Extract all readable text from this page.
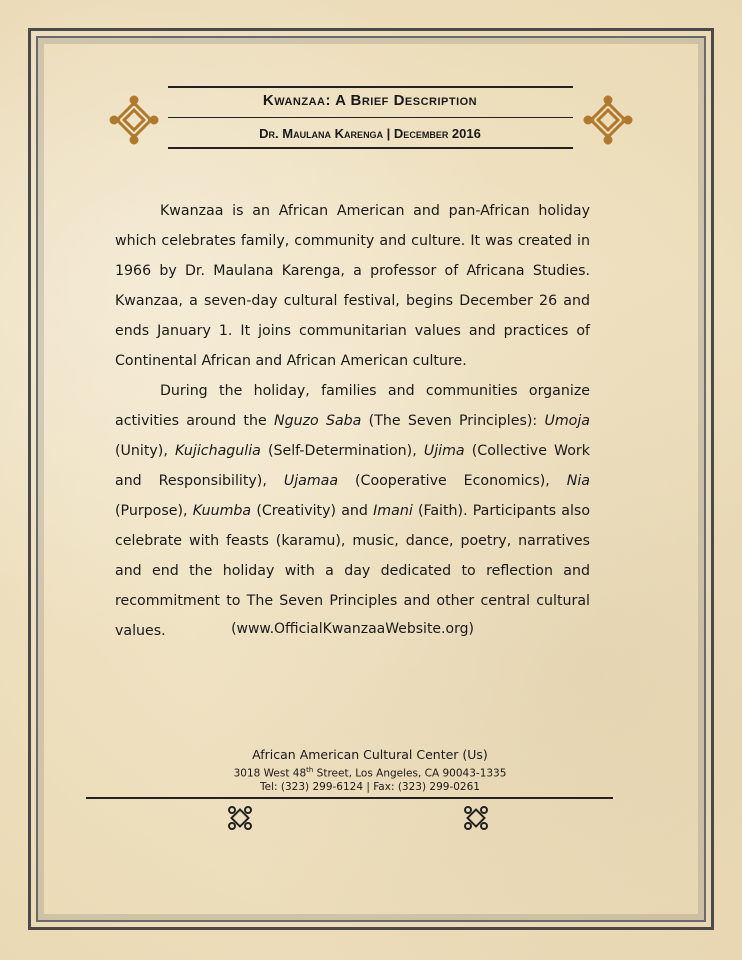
Kwanzaa: A Brief Description
Dr. Maulana Karenga | December 2016

Kwanzaa is an African American and pan-African holiday which celebrates family, community and culture. It was created in 1966 by Dr. Maulana Karenga, a professor of Africana Studies. Kwanzaa, a seven-day cultural festival, begins December 26 and ends January 1. It joins communitarian values and practices of Continental African and African American culture.

During the holiday, families and communities organize activities around the Nguzo Saba (The Seven Principles): Umoja (Unity), Kujichagulia (Self-Determination), Ujima (Collective Work and Responsibility), Ujamaa (Cooperative Economics), Nia (Purpose), Kuumba (Creativity) and Imani (Faith). Participants also celebrate with feasts (karamu), music, dance, poetry, narratives and end the holiday with a day dedicated to reflection and recommitment to The Seven Principles and other central cultural values.	(www.OfficialKwanzaaWebsite.org)
African American Cultural Center (Us)
3018 West 48th Street, Los Angeles, CA 90043-1335
Tel: (323) 299-6124 | Fax: (323) 299-0261
